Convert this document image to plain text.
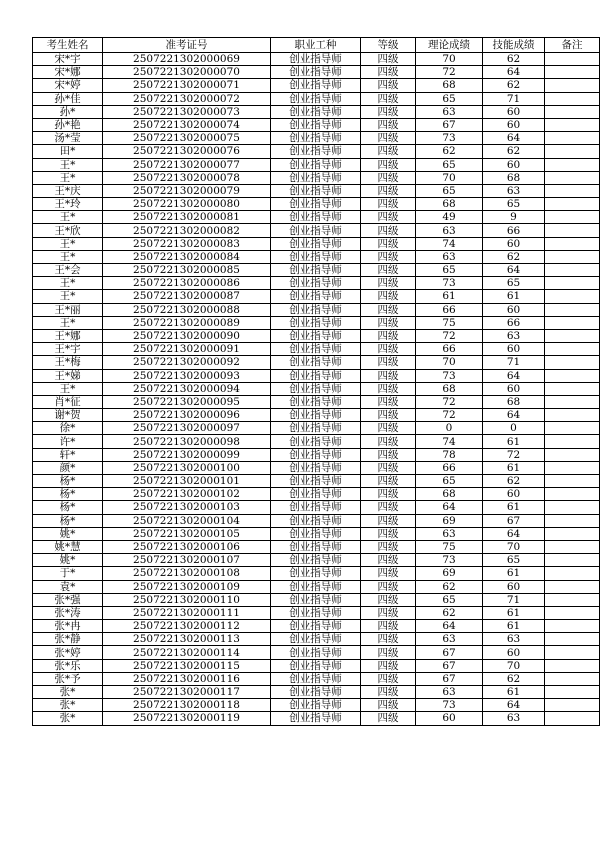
考生姓名	准考证号	职业工种	等级	理论成绩	技能成绩	备注
宋*宇	2507221302000069	创业指导师	四级	70	62	
宋*娜	2507221302000070	创业指导师	四级	72	64	
宋*婷	2507221302000071	创业指导师	四级	68	62	
孙*佳	2507221302000072	创业指导师	四级	65	71	
孙*	2507221302000073	创业指导师	四级	63	60	
孙*艳	2507221302000074	创业指导师	四级	67	60	
汤*莹	2507221302000075	创业指导师	四级	73	64	
田*	2507221302000076	创业指导师	四级	62	62	
王*	2507221302000077	创业指导师	四级	65	60	
王*	2507221302000078	创业指导师	四级	70	68	
王*庆	2507221302000079	创业指导师	四级	65	63	
王*玲	2507221302000080	创业指导师	四级	68	65	
王*	2507221302000081	创业指导师	四级	49	9	
王*欣	2507221302000082	创业指导师	四级	63	66	
王*	2507221302000083	创业指导师	四级	74	60	
王*	2507221302000084	创业指导师	四级	63	62	
王*会	2507221302000085	创业指导师	四级	65	64	
王*	2507221302000086	创业指导师	四级	73	65	
王*	2507221302000087	创业指导师	四级	61	61	
王*丽	2507221302000088	创业指导师	四级	66	60	
王*	2507221302000089	创业指导师	四级	75	66	
王*娜	2507221302000090	创业指导师	四级	72	63	
王*宇	2507221302000091	创业指导师	四级	66	60	
王*梅	2507221302000092	创业指导师	四级	70	71	
王*娣	2507221302000093	创业指导师	四级	73	64	
王*	2507221302000094	创业指导师	四级	68	60	
肖*征	2507221302000095	创业指导师	四级	72	68	
谢*贺	2507221302000096	创业指导师	四级	72	64	
徐*	2507221302000097	创业指导师	四级	0	0	
许*	2507221302000098	创业指导师	四级	74	61	
轩*	2507221302000099	创业指导师	四级	78	72	
颜*	2507221302000100	创业指导师	四级	66	61	
杨*	2507221302000101	创业指导师	四级	65	62	
杨*	2507221302000102	创业指导师	四级	68	60	
杨*	2507221302000103	创业指导师	四级	64	61	
杨*	2507221302000104	创业指导师	四级	69	67	
姚*	2507221302000105	创业指导师	四级	63	64	
姚*慧	2507221302000106	创业指导师	四级	75	70	
姚*	2507221302000107	创业指导师	四级	73	65	
于*	2507221302000108	创业指导师	四级	69	61	
袁*	2507221302000109	创业指导师	四级	62	60	
张*强	2507221302000110	创业指导师	四级	65	71	
张*涛	2507221302000111	创业指导师	四级	62	61	
张*冉	2507221302000112	创业指导师	四级	64	61	
张*静	2507221302000113	创业指导师	四级	63	63	
张*婷	2507221302000114	创业指导师	四级	67	60	
张*乐	2507221302000115	创业指导师	四级	67	70	
张*予	2507221302000116	创业指导师	四级	67	62	
张*	2507221302000117	创业指导师	四级	63	61	
张*	2507221302000118	创业指导师	四级	73	64	
张*	2507221302000119	创业指导师	四级	60	63	
